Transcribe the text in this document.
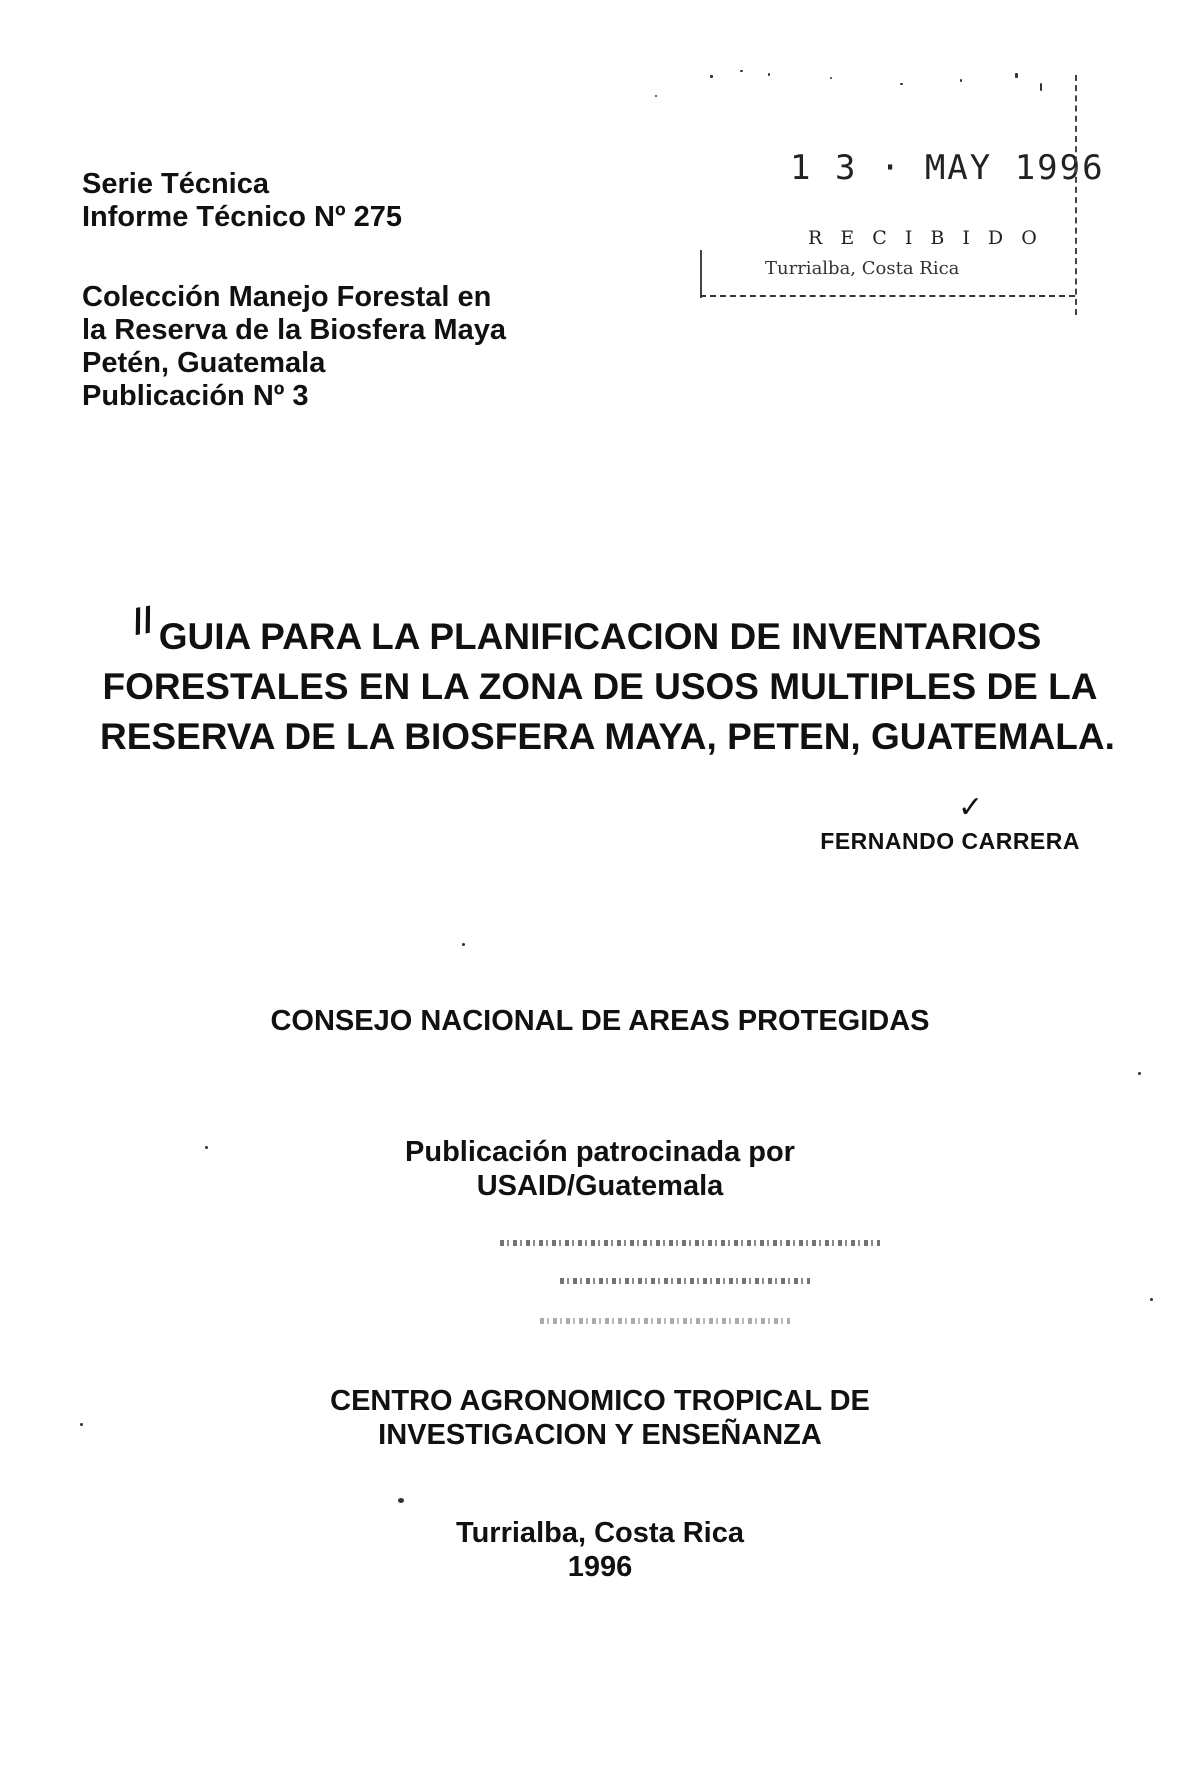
Serie Técnica
Informe Técnico Nº 275
Colección Manejo Forestal en
la Reserva de la Biosfera Maya
Petén, Guatemala
Publicación Nº 3
1 3 · MAY 1996
R E C I B I D O
Turrialba, Costa Rica
// GUIA PARA LA PLANIFICACION DE INVENTARIOS
FORESTALES EN LA ZONA DE USOS MULTIPLES DE LA
RESERVA DE LA BIOSFERA MAYA, PETEN, GUATEMALA.
✓
FERNANDO CARRERA
CONSEJO NACIONAL DE AREAS PROTEGIDAS
Publicación patrocinada por
USAID/Guatemala
CENTRO AGRONOMICO TROPICAL DE
INVESTIGACION Y ENSEÑANZA
Turrialba, Costa Rica
1996
